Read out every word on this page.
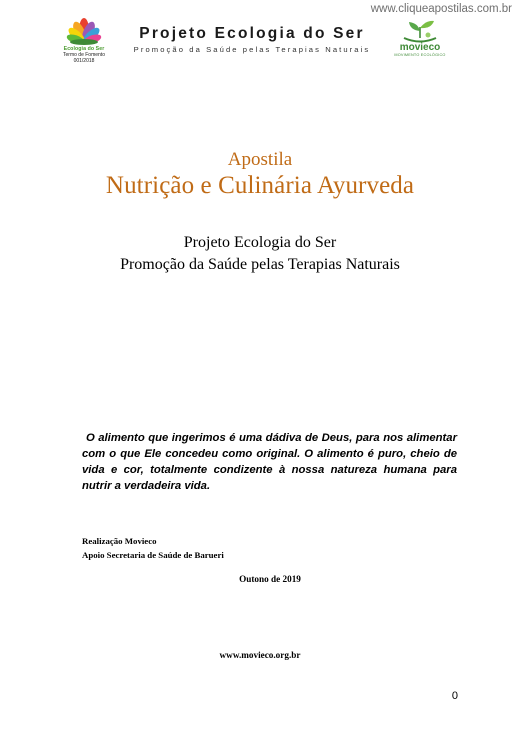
www.cliqueapostilas.com.br
Ecologia do Ser
Termo de Fomento
001/2018
Projeto Ecologia do Ser
Promoção da Saúde pelas Terapias Naturais	movieco
MOVIMENTO ECOLÓGICO
Apostila
Nutrição e Culinária Ayurveda
Projeto Ecologia do Ser
Promoção da Saúde pelas Terapias Naturais
O alimento que ingerimos é uma dádiva de Deus, para nos alimentar com o que Ele concedeu como original. O alimento é puro, cheio de vida e cor, totalmente condizente à nossa natureza humana para nutrir a verdadeira vida.
Realização Movieco
Apoio Secretaria de Saúde de Barueri
Outono de 2019
www.movieco.org.br
0
